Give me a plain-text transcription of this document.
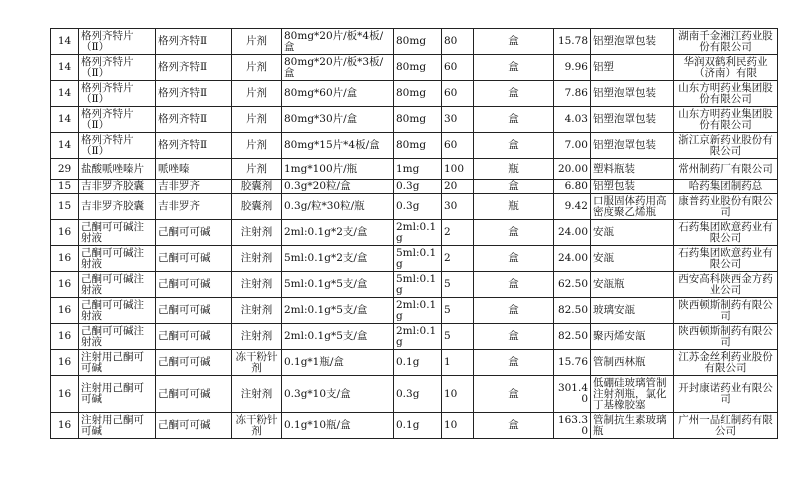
14	格列齐特片（Ⅱ）	格列齐特Ⅱ	片剂	80mg*20片/板*4板/盒	80mg	80	盒	15.78	铝塑泡罩包装	湖南千金湘江药业股份有限公司
14	格列齐特片（Ⅱ）	格列齐特Ⅱ	片剂	80mg*20片/板*3板/盒	80mg	60	盒	9.96	铝塑	华润双鹤利民药业（济南）有限
14	格列齐特片（Ⅱ）	格列齐特Ⅱ	片剂	80mg*60片/盒	80mg	60	盒	7.86	铝塑泡罩包装	山东方明药业集团股份有限公司
14	格列齐特片（Ⅱ）	格列齐特Ⅱ	片剂	80mg*30片/盒	80mg	30	盒	4.03	铝塑泡罩包装	山东方明药业集团股份有限公司
14	格列齐特片（Ⅱ）	格列齐特Ⅱ	片剂	80mg*15片*4板/盒	80mg	60	盒	7.00	铝塑泡罩包装	浙江京新药业股份有限公司
29	盐酸哌唑嗪片	哌唑嗪	片剂	1mg*100片/瓶	1mg	100	瓶	20.00	塑料瓶装	常州制药厂有限公司
15	吉非罗齐胶囊	吉非罗齐	胶囊剂	0.3g*20粒/盒	0.3g	20	盒	6.80	铝塑包装	哈药集团制药总
15	吉非罗齐胶囊	吉非罗齐	胶囊剂	0.3g/粒*30粒/瓶	0.3g	30	瓶	9.42	口服固体药用高密度聚乙烯瓶	康普药业股份有限公司
16	己酮可可碱注射液	己酮可可碱	注射剂	2ml:0.1g*2支/盒	2ml:0.1g	2	盒	24.00	安瓿	石药集团欧意药业有限公司
16	己酮可可碱注射液	己酮可可碱	注射剂	5ml:0.1g*2支/盒	5ml:0.1g	2	盒	24.00	安瓿	石药集团欧意药业有限公司
16	己酮可可碱注射液	己酮可可碱	注射剂	5ml:0.1g*5支/盒	5ml:0.1g	5	盒	62.50	安瓿瓶	西安高科陕西金方药业公司
16	己酮可可碱注射液	己酮可可碱	注射剂	2ml:0.1g*5支/盒	2ml:0.1g	5	盒	82.50	玻璃安瓿	陕西顿斯制药有限公司
16	己酮可可碱注射液	己酮可可碱	注射剂	2ml:0.1g*5支/盒	2ml:0.1g	5	盒	82.50	聚丙烯安瓿	陕西顿斯制药有限公司
16	注射用己酮可可碱	己酮可可碱	冻干粉针剂	0.1g*1瓶/盒	0.1g	1	盒	15.76	管制西林瓶	江苏金丝利药业股份有限公司
16	注射用己酮可可碱	己酮可可碱	注射剂	0.3g*10支/盒	0.3g	10	盒	301.40	低硼硅玻璃管制注射剂瓶，氯化丁基橡胶塞	开封康诺药业有限公司
16	注射用己酮可可碱	己酮可可碱	冻干粉针剂	0.1g*10瓶/盒	0.1g	10	盒	163.30	管制抗生素玻璃瓶	广州一品红制药有限公司
